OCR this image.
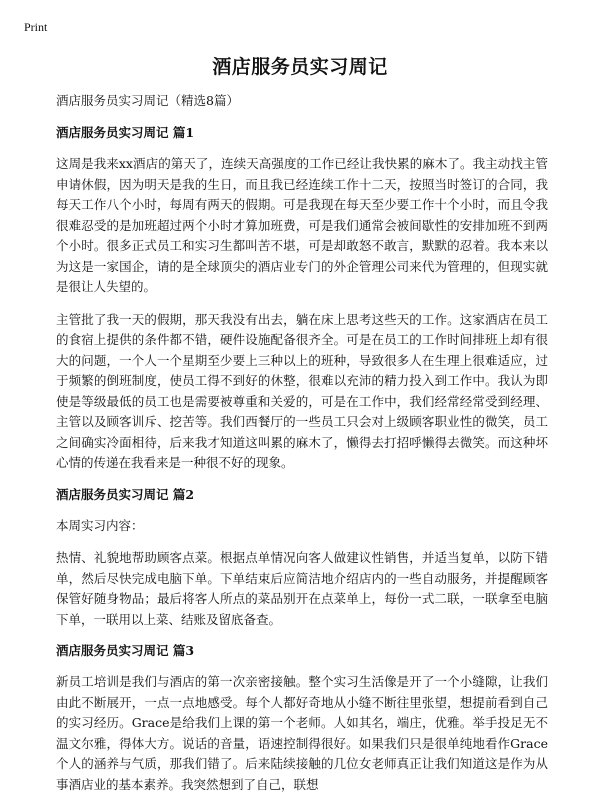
Print
酒店服务员实习周记

酒店服务员实习周记（精选8篇）

酒店服务员实习周记 篇1

这周是我来xx酒店的第天了，连续天高强度的工作已经让我快累的麻木了。我主动找主管申请休假，因为明天是我的生日，而且我已经连续工作十二天，按照当时签订的合同，我每天工作八个小时，每周有两天的假期。可是我现在每天至少要工作十个小时，而且令我很难忍受的是加班超过两个小时才算加班费，可是我们通常会被间歇性的安排加班不到两个小时。很多正式员工和实习生都叫苦不堪，可是却敢怒不敢言，默默的忍着。我本来以为这是一家国企，请的是全球顶尖的酒店业专门的外企管理公司来代为管理的，但现实就是很让人失望的。

主管批了我一天的假期，那天我没有出去，躺在床上思考这些天的工作。这家酒店在员工的食宿上提供的条件都不错，硬件设施配备很齐全。可是在员工的工作时间排班上却有很大的问题，一个人一个星期至少要上三种以上的班种，导致很多人在生理上很难适应，过于频繁的倒班制度，使员工得不到好的休整，很难以充沛的精力投入到工作中。我认为即使是等级最低的员工也是需要被尊重和关爱的，可是在工作中，我们经常经常受到经理、主管以及顾客训斥、挖苦等。我们西餐厅的一些员工只会对上级顾客职业性的微笑，员工之间确实冷面相待，后来我才知道这叫累的麻木了，懒得去打招呼懒得去微笑。而这种坏心情的传递在我看来是一种很不好的现象。

酒店服务员实习周记 篇2

本周实习内容：

热情、礼貌地帮助顾客点菜。根据点单情况向客人做建议性销售，并适当复单，以防下错单，然后尽快完成电脑下单。下单结束后应简洁地介绍店内的一些自动服务，并提醒顾客保管好随身物品；最后将客人所点的菜品别开在点菜单上，每份一式二联，一联拿至电脑下单，一联用以上菜、结账及留底备查。

酒店服务员实习周记 篇3

新员工培训是我们与酒店的第一次亲密接触。整个实习生活像是开了一个小缝隙，让我们由此不断展开，一点一点地感受。每个人都好奇地从小缝不断往里张望，想提前看到自己的实习经历。Grace是给我们上课的第一个老师。人如其名，端庄，优雅。举手投足无不温文尔雅，得体大方。说话的音量，语速控制得很好。如果我们只是很单纯地看作Grace个人的涵养与气质，那我们错了。后来陆续接触的几位女老师真正让我们知道这是作为从事酒店业的基本素养。我突然想到了自己，联想
